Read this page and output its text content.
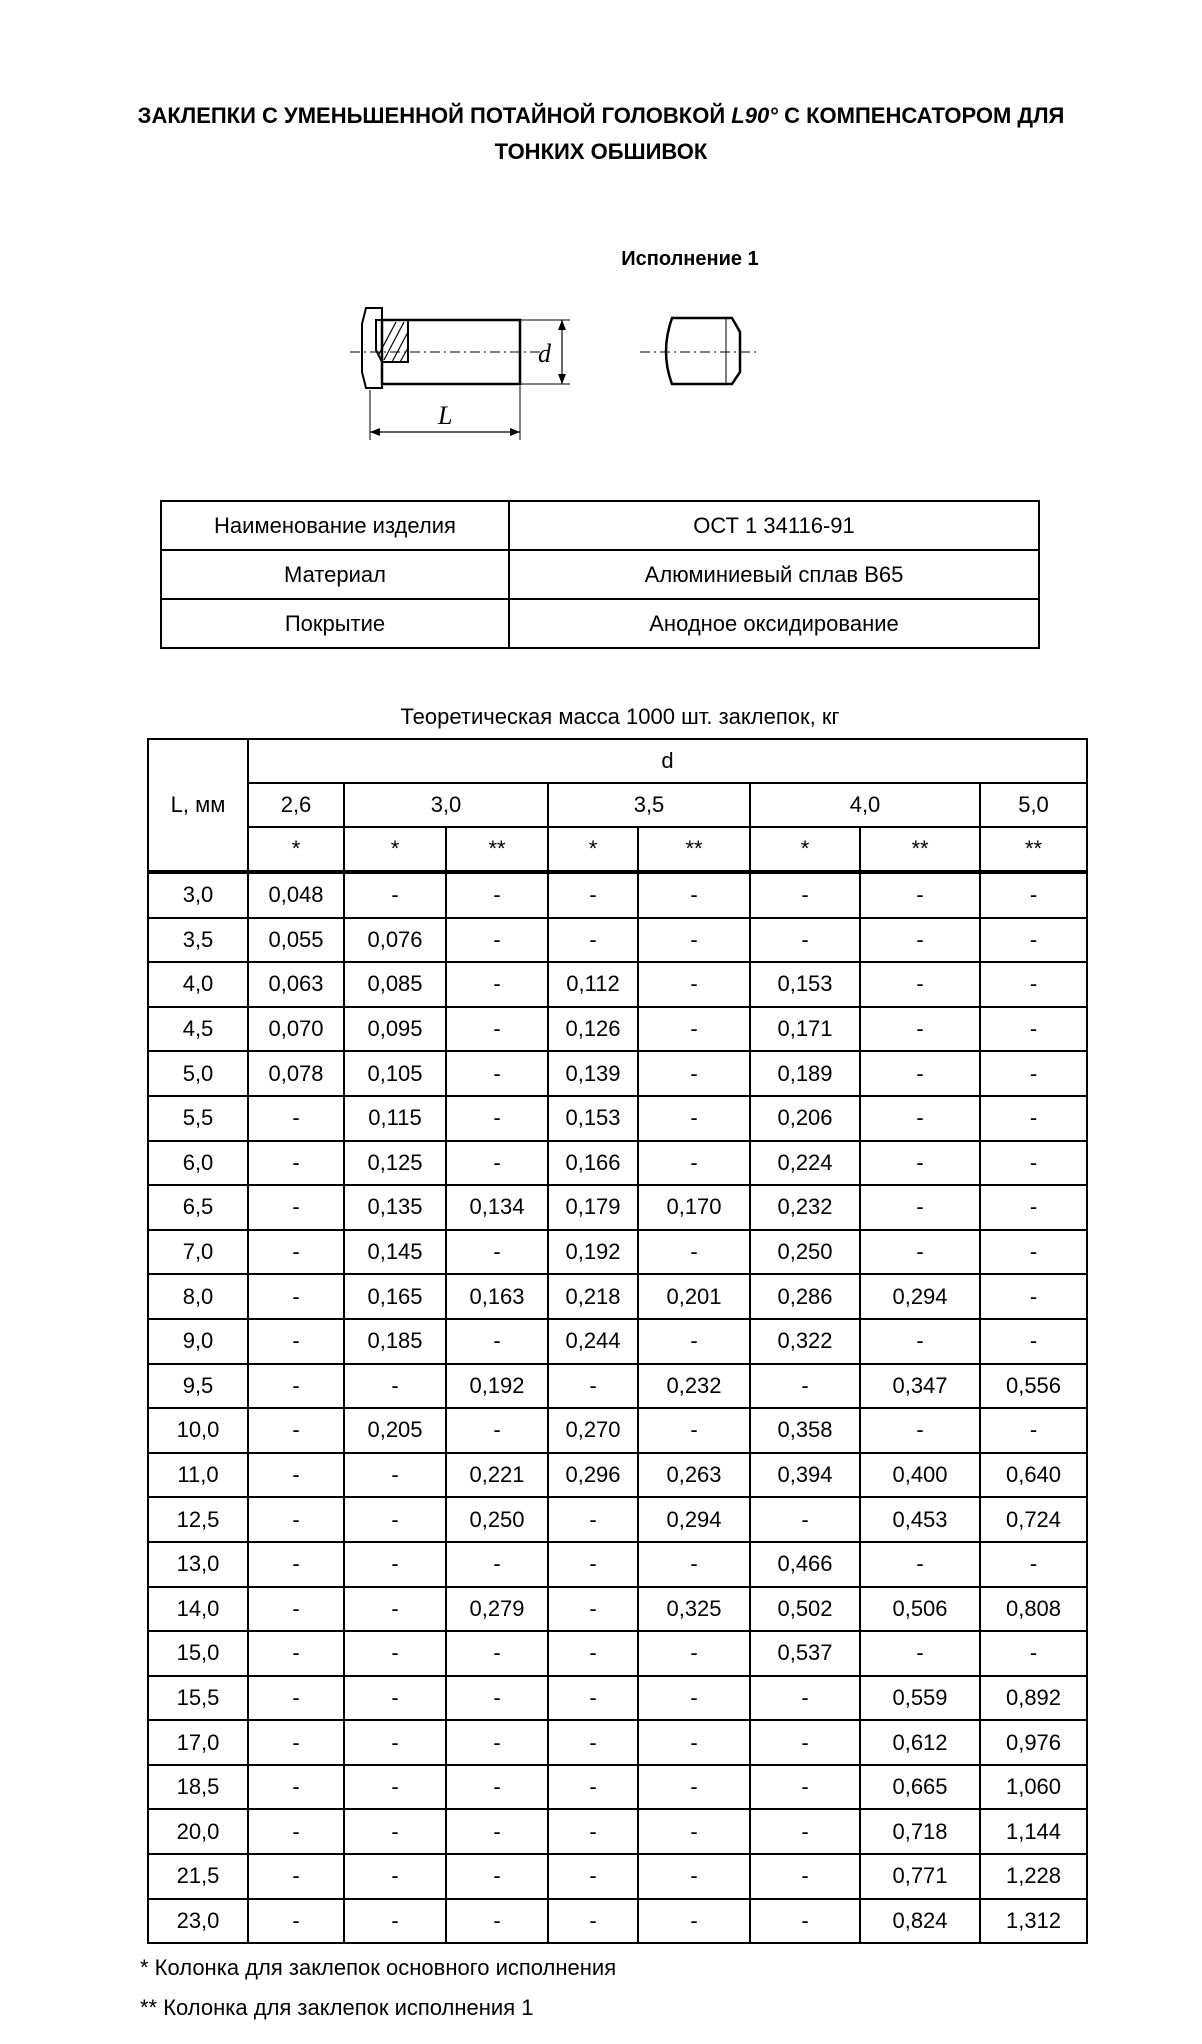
ЗАКЛЕПКИ С УМЕНЬШЕННОЙ ПОТАЙНОЙ ГОЛОВКОЙ L90° С КОМПЕНСАТОРОМ ДЛЯ
ТОНКИХ ОБШИВОК
Исполнение 1
d
L
Наименование изделия	ОСТ 1 34116-91
Материал	Алюминиевый сплав В65
Покрытие	Анодное оксидирование
Теоретическая масса 1000 шт. заклепок, кг
L, мм	d							
	2,6	3,0		3,5		4,0		5,0
	*	*	**	*	**	*	**	**
3,0	0,048	-	-	-	-	-	-	-
3,5	0,055	0,076	-	-	-	-	-	-
4,0	0,063	0,085	-	0,112	-	0,153	-	-
4,5	0,070	0,095	-	0,126	-	0,171	-	-
5,0	0,078	0,105	-	0,139	-	0,189	-	-
5,5	-	0,115	-	0,153	-	0,206	-	-
6,0	-	0,125	-	0,166	-	0,224	-	-
6,5	-	0,135	0,134	0,179	0,170	0,232	-	-
7,0	-	0,145	-	0,192	-	0,250	-	-
8,0	-	0,165	0,163	0,218	0,201	0,286	0,294	-
9,0	-	0,185	-	0,244	-	0,322	-	-
9,5	-	-	0,192	-	0,232	-	0,347	0,556
10,0	-	0,205	-	0,270	-	0,358	-	-
11,0	-	-	0,221	0,296	0,263	0,394	0,400	0,640
12,5	-	-	0,250	-	0,294	-	0,453	0,724
13,0	-	-	-	-	-	0,466	-	-
14,0	-	-	0,279	-	0,325	0,502	0,506	0,808
15,0	-	-	-	-	-	0,537	-	-
15,5	-	-	-	-	-	-	0,559	0,892
17,0	-	-	-	-	-	-	0,612	0,976
18,5	-	-	-	-	-	-	0,665	1,060
20,0	-	-	-	-	-	-	0,718	1,144
21,5	-	-	-	-	-	-	0,771	1,228
23,0	-	-	-	-	-	-	0,824	1,312
* Колонка для заклепок основного исполнения
** Колонка для заклепок исполнения 1
